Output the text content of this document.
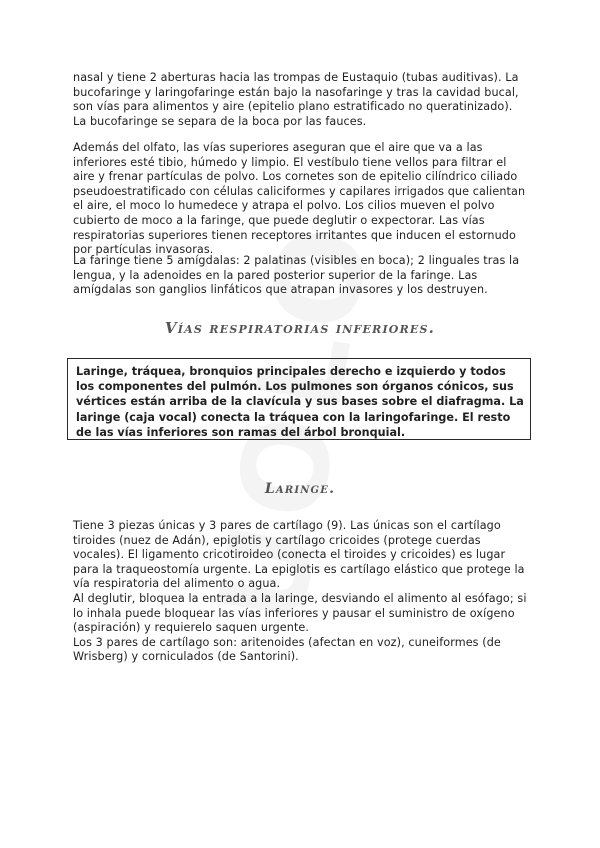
nasal y tiene 2 aberturas hacia las trompas de Eustaquio (tubas auditivas). La bucofaringe y laringofaringe están bajo la nasofaringe y tras la cavidad bucal, son vías para alimentos y aire (epitelio plano estratificado no queratinizado). La bucofaringe se separa de la boca por las fauces.

Además del olfato, las vías superiores aseguran que el aire que va a las inferiores esté tibio, húmedo y limpio. El vestíbulo tiene vellos para filtrar el aire y frenar partículas de polvo. Los cornetes son de epitelio cilíndrico ciliado pseudoestratificado con células caliciformes y capilares irrigados que calientan el aire, el moco lo humedece y atrapa el polvo. Los cilios mueven el polvo cubierto de moco a la faringe, que puede deglutir o expectorar. Las vías respiratorias superiores tienen receptores irritantes que inducen el estornudo por partículas invasoras.

La faringe tiene 5 amígdalas: 2 palatinas (visibles en boca); 2 linguales tras la lengua, y la adenoides en la pared posterior superior de la faringe. Las amígdalas son ganglios linfáticos que atrapan invasores y los destruyen.

Vías respiratorias inferiores.
Laringe, tráquea, bronquios principales derecho e izquierdo y todos los componentes del pulmón. Los pulmones son órganos cónicos, sus vértices están arriba de la clavícula y sus bases sobre el diafragma. La laringe (caja vocal) conecta la tráquea con la laringofaringe. El resto de las vías inferiores son ramas del árbol bronquial.
Laringe.
Tiene 3 piezas únicas y 3 pares de cartílago (9). Las únicas son el cartílago tiroides (nuez de Adán), epiglotis y cartílago cricoides (protege cuerdas vocales). El ligamento cricotiroideo (conecta el tiroides y cricoides) es lugar para la traqueostomía urgente. La epiglotis es cartílago elástico que protege la vía respiratoria del alimento o agua.
Al deglutir, bloquea la entrada a la laringe, desviando el alimento al esófago; si lo inhala puede bloquear las vías inferiores y pausar el suministro de oxígeno (aspiración) y requierelo saquen urgente.
Los 3 pares de cartílago son: aritenoides (afectan en voz), cuneiformes (de Wrisberg) y corniculados (de Santorini).
